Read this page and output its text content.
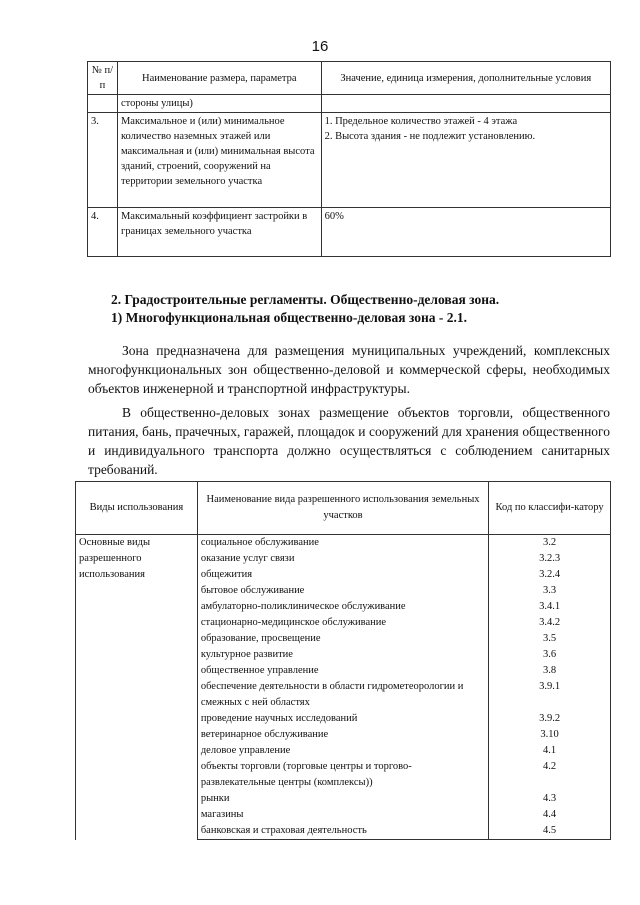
16
№ п/п	Наименование размера, параметра	Значение, единица измерения, дополнительные условия
	стороны улицы)	
3.	Максимальное и (или) минимальное количество наземных этажей или максимальная и (или) минимальная высота зданий, строений, сооружений на территории земельного участка	1. Предельное количество этажей - 4 этажа
2. Высота здания - не подлежит установлению.

4.	Максимальный коэффициент застройки в границах земельного участка	60%
2. Градостроительные регламенты. Общественно-деловая зона.
1) Многофункциональная общественно-деловая зона - 2.1.
Зона предназначена для размещения муниципальных учреждений, комплексных многофункциональных зон общественно-деловой и коммерческой сферы, необходимых объектов инженерной и транспортной инфраструктуры.
В общественно-деловых зонах размещение объектов торговли, общественного питания, бань, прачечных, гаражей, площадок и сооружений для хранения общественного и индивидуального транспорта должно осуществляться с соблюдением санитарных требований.
Виды использования	Наименование вида разрешенного использования земельных участков	Код по классифи-катору
Основные виды разрешенного использования	социальное обслуживание	3.2
	оказание услуг связи	3.2.3
	общежития	3.2.4
	бытовое обслуживание	3.3
	амбулаторно-поликлиническое обслуживание	3.4.1
	стационарно-медицинское обслуживание	3.4.2
	образование, просвещение	3.5
	культурное развитие	3.6
	общественное управление	3.8
	обеспечение деятельности в области гидрометеорологии и смежных с ней областях	3.9.1
	проведение научных исследований	3.9.2
	ветеринарное обслуживание	3.10
	деловое управление	4.1
	объекты торговли (торговые центры и торгово-развлекательные центры (комплексы))	4.2
	рынки	4.3
	магазины	4.4
	банковская и страховая деятельность	4.5
